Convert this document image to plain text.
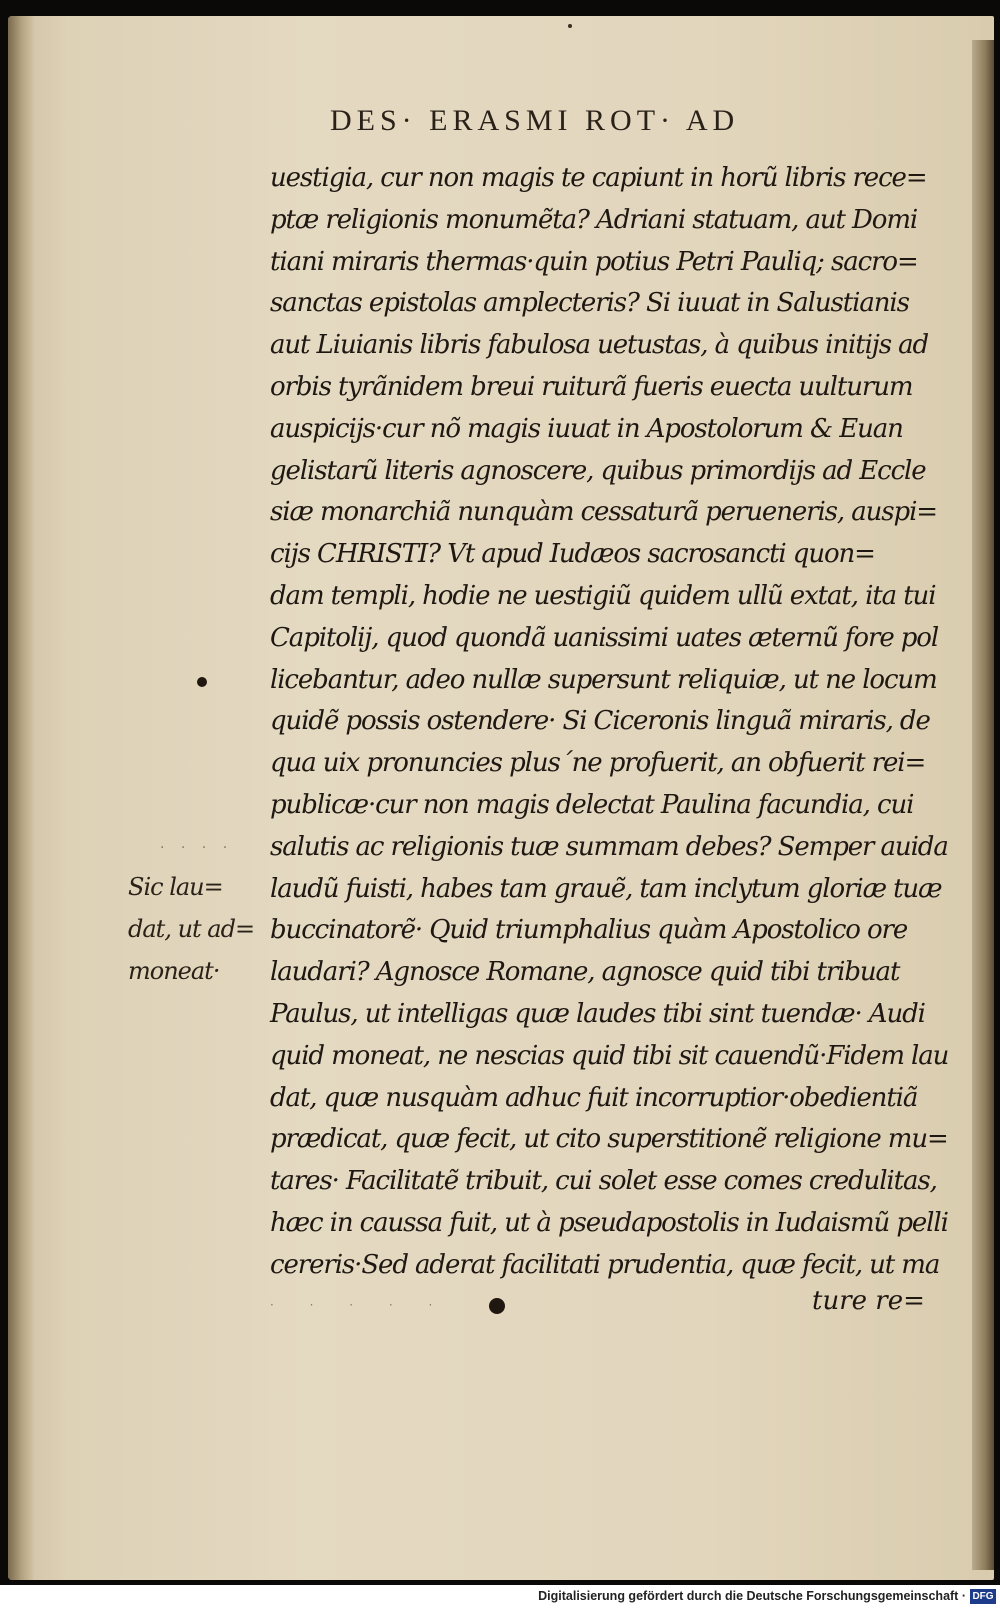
DES· ERASMI ROT· AD
uestigia, cur non magis te capiunt in horũ libris rece=
ptæ religionis monumẽta? Adriani statuam, aut Domi
tiani miraris thermas·quin potius Petri Pauliq; sacro=
sanctas epistolas amplecteris? Si iuuat in Salustianis
aut Liuianis libris fabulosa uetustas, à quibus initijs ad
orbis tyrãnidem breui ruiturã fueris euecta uulturum
auspicijs·cur nõ magis iuuat in Apostolorum & Euan
gelistarũ literis agnoscere, quibus primordijs ad Eccle
siæ monarchiã nunquàm cessaturã perueneris, auspi=
cijs CHRISTI? Vt apud Iudæos sacrosancti quon=
dam templi, hodie ne uestigiũ quidem ullũ extat, ita tui
Capitolij, quod quondã uanissimi uates æternũ fore pol
licebantur, adeo nullæ supersunt reliquiæ, ut ne locum
quidẽ possis ostendere· Si Ciceronis linguã miraris, de
qua uix pronuncies plus´ne profuerit, an obfuerit rei=
publicæ·cur non magis delectat Paulina facundia, cui
salutis ac religionis tuæ summam debes? Semper auida
laudũ fuisti, habes tam grauẽ, tam inclytum gloriæ tuæ
buccinatorẽ· Quid triumphalius quàm Apostolico ore
laudari? Agnosce Romane, agnosce quid tibi tribuat
Paulus, ut intelligas quæ laudes tibi sint tuendæ· Audi
quid moneat, ne nescias quid tibi sit cauendũ·Fidem lau
dat, quæ nusquàm adhuc fuit incorruptior·obedientiã
prædicat, quæ fecit, ut cito superstitionẽ religione mu=
tares· Facilitatẽ tribuit, cui solet esse comes credulitas,
hæc in caussa fuit, ut à pseudapostolis in Iudaismũ pelli
cereris·Sed aderat facilitati prudentia, quæ fecit, ut ma
ture re=
Sic lau=
dat, ut ad=
moneat·
· · · ·
· · · · ·
Digitalisierung gefördert durch die Deutsche Forschungsgemeinschaft · DFG
